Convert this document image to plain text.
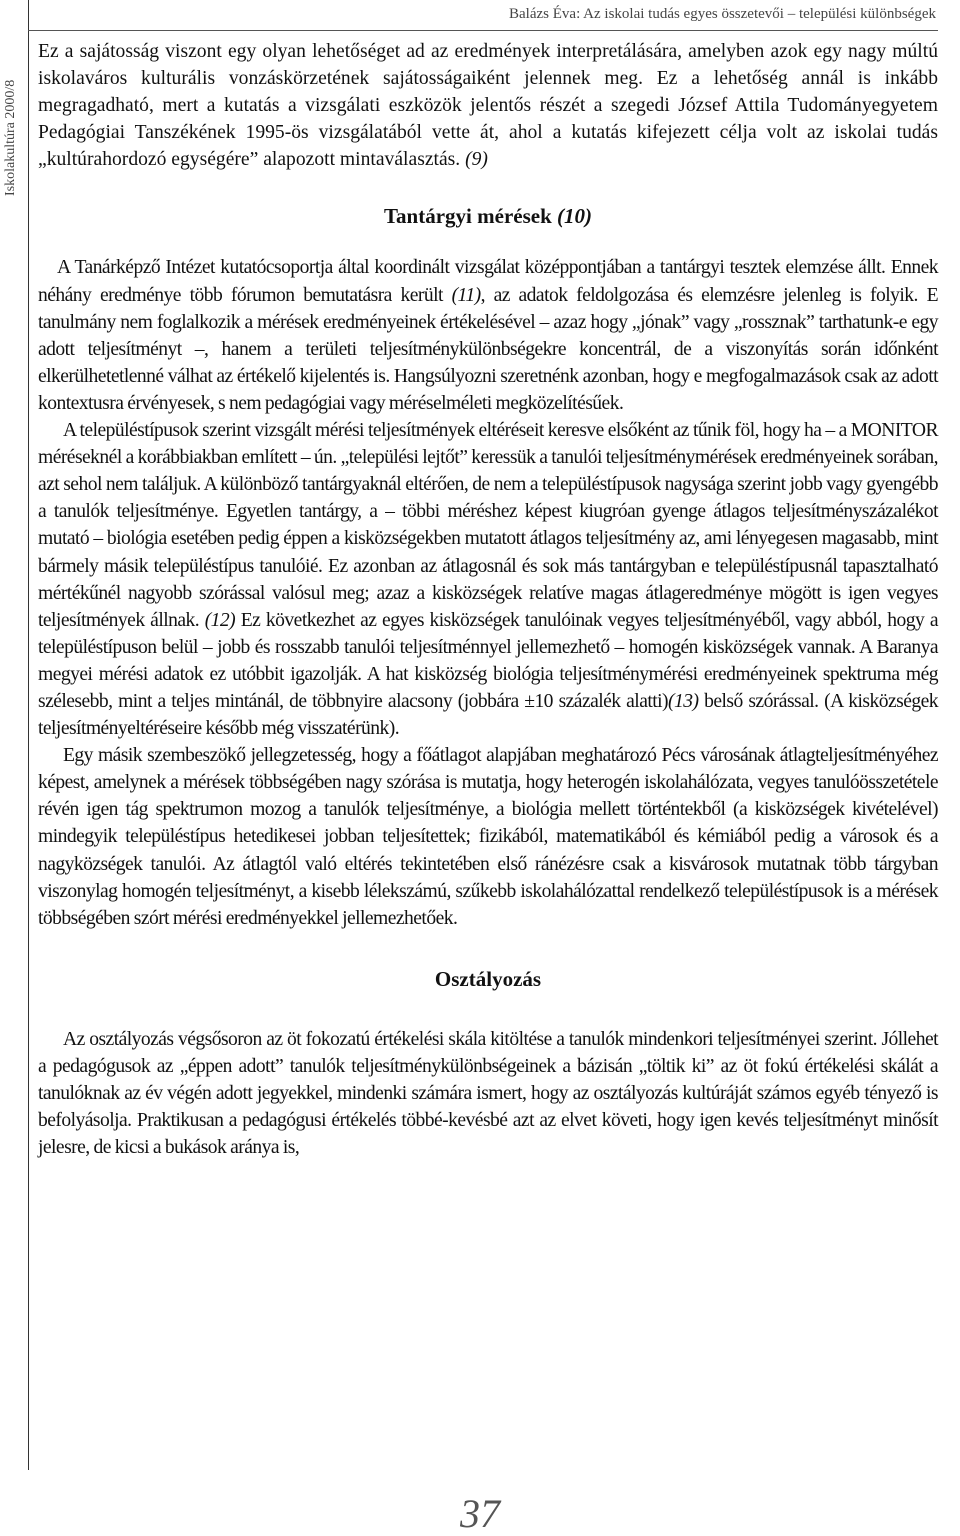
Iskolakultúra 2000/8
Balázs Éva: Az iskolai tudás egyes összetevői – települési különbségek

Ez a sajátosság viszont egy olyan lehetőséget ad az eredmények interpretálására, amelyben azok egy nagy múltú iskolaváros kulturális vonzáskörzetének sajátosságaiként jelennek meg. Ez a lehetőség annál is inkább megragadható, mert a kutatás a vizsgálati eszközök jelentős részét a szegedi József Attila Tudományegyetem Pedagógiai Tanszékének 1995-ös vizsgálatából vette át, ahol a kutatás kifejezett célja volt az iskolai tudás „kultúrahordozó egységére” alapozott mintaválasztás. (9)

Tantárgyi mérések (10)

A Tanárképző Intézet kutatócsoportja által koordinált vizsgálat középpontjában a tantárgyi tesztek elemzése állt. Ennek néhány eredménye több fórumon bemutatásra került (11), az adatok feldolgozása és elemzésre jelenleg is folyik. E tanulmány nem foglalkozik a mérések eredményeinek értékelésével – azaz hogy „jónak” vagy „rossznak” tarthatunk-e egy adott teljesítményt –, hanem a területi teljesítménykülönbségekre koncentrál, de a viszonyítás során időnként elkerülhetetlenné válhat az értékelő kijelentés is. Hangsúlyozni szeretnénk azonban, hogy e megfogalmazások csak az adott kontextusra érvényesek, s nem pedagógiai vagy méréselméleti megközelítésűek.

A településtípusok szerint vizsgált mérési teljesítmények eltéréseit keresve elsőként az tűnik föl, hogy ha – a MONITOR méréseknél a korábbiakban említett – ún. „települési lejtőt” keressük a tanulói teljesítménymérések eredményeinek sorában, azt sehol nem találjuk. A különböző tantárgyaknál eltérően, de nem a településtípusok nagysága szerint jobb vagy gyengébb a tanulók teljesítménye. Egyetlen tantárgy, a – többi méréshez képest kiugróan gyenge átlagos teljesítményszázalékot mutató – biológia esetében pedig éppen a kisközségekben mutatott átlagos teljesítmény az, ami lényegesen magasabb, mint bármely másik településtípus tanulóié. Ez azonban az átlagosnál és sok más tantárgyban e településtípusnál tapasztalható mértékűnél nagyobb szórással valósul meg; azaz a kisközségek relatíve magas átlageredménye mögött is igen vegyes teljesítmények állnak. (12) Ez következhet az egyes kisközségek tanulóinak vegyes teljesítményéből, vagy abból, hogy a településtípuson belül – jobb és rosszabb tanulói teljesítménnyel jellemezhető – homogén kisközségek vannak. A Baranya megyei mérési adatok ez utóbbit igazolják. A hat kisközség biológia teljesítménymérési eredményeinek spektruma még szélesebb, mint a teljes mintánál, de többnyire alacsony (jobbára ±10 százalék alatti)(13) belső szórással. (A kisközségek teljesítményeltéréseire később még visszatérünk).

Egy másik szembeszökő jellegzetesség, hogy a főátlagot alapjában meghatározó Pécs városának átlagteljesítményéhez képest, amelynek a mérések többségében nagy szórása is mutatja, hogy heterogén iskolahálózata, vegyes tanulóösszetétele révén igen tág spektrumon mozog a tanulók teljesítménye, a biológia mellett történtekből (a kisközségek kivételével) mindegyik településtípus hetedikesei jobban teljesítettek; fizikából, matematikából és kémiából pedig a városok és a nagyközségek tanulói. Az átlagtól való eltérés tekintetében első ránézésre csak a kisvárosok mutatnak több tárgyban viszonylag homogén teljesítményt, a kisebb lélekszámú, szűkebb iskolahálózattal rendelkező településtípusok is a mérések többségében szórt mérési eredményekkel jellemezhetőek.

Osztályozás

Az osztályozás végsősoron az öt fokozatú értékelési skála kitöltése a tanulók mindenkori teljesítményei szerint. Jóllehet a pedagógusok az „éppen adott” tanulók teljesítménykülönbségeinek a bázisán „töltik ki” az öt fokú értékelési skálát a tanulóknak az év végén adott jegyekkel, mindenki számára ismert, hogy az osztályozás kultúráját számos egyéb tényező is befolyásolja. Praktikusan a pedagógusi értékelés többé-kevésbé azt az elvet követi, hogy igen kevés teljesítményt minősít jelesre, de kicsi a bukások aránya is,

37
